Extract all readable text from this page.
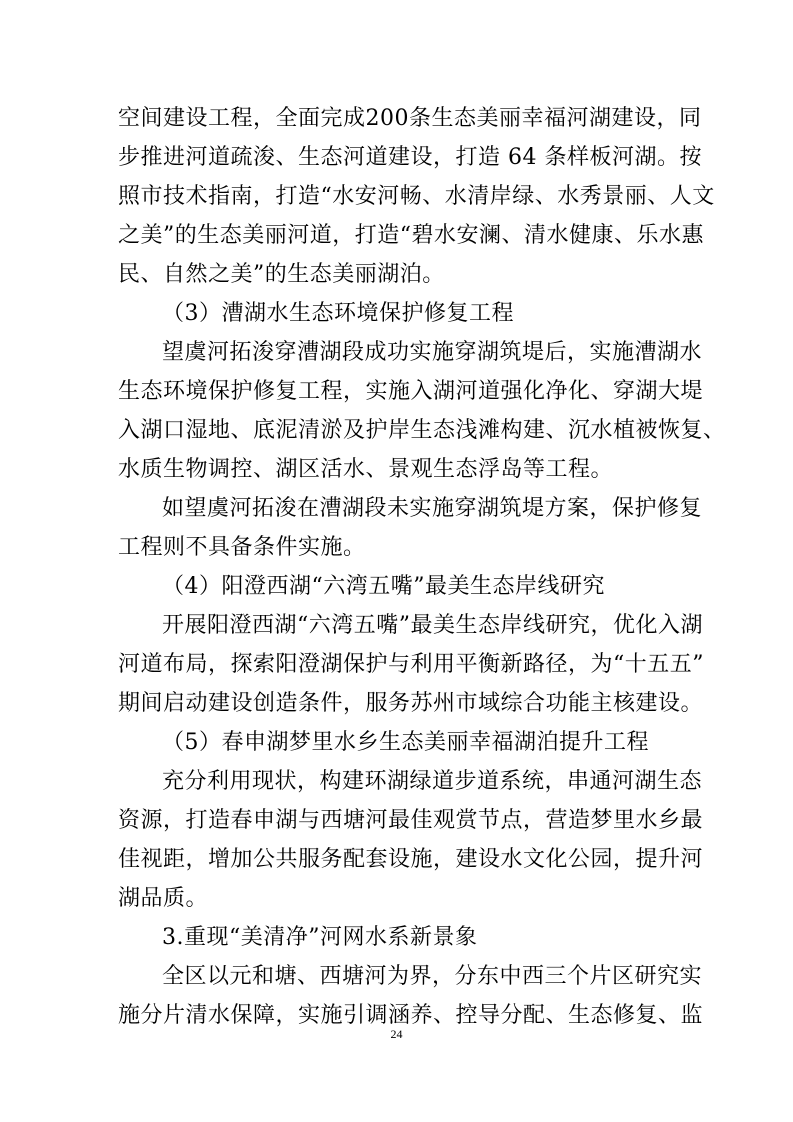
空间建设工程，全面完成200条生态美丽幸福河湖建设，同
步推进河道疏浚、生态河道建设，打造 64 条样板河湖。按
照市技术指南，打造“水安河畅、水清岸绿、水秀景丽、人文
之美”的生态美丽河道，打造“碧水安澜、清水健康、乐水惠
民、自然之美”的生态美丽湖泊。
（3）漕湖水生态环境保护修复工程
望虞河拓浚穿漕湖段成功实施穿湖筑堤后，实施漕湖水
生态环境保护修复工程，实施入湖河道强化净化、穿湖大堤
入湖口湿地、底泥清淤及护岸生态浅滩构建、沉水植被恢复、
水质生物调控、湖区活水、景观生态浮岛等工程。
如望虞河拓浚在漕湖段未实施穿湖筑堤方案，保护修复
工程则不具备条件实施。
（4）阳澄西湖“六湾五嘴”最美生态岸线研究
开展阳澄西湖“六湾五嘴”最美生态岸线研究，优化入湖
河道布局，探索阳澄湖保护与利用平衡新路径，为“十五五”
期间启动建设创造条件，服务苏州市域综合功能主核建设。
（5）春申湖梦里水乡生态美丽幸福湖泊提升工程
充分利用现状，构建环湖绿道步道系统，串通河湖生态
资源，打造春申湖与西塘河最佳观赏节点，营造梦里水乡最
佳视距，增加公共服务配套设施，建设水文化公园，提升河
湖品质。
3.重现“美清净”河网水系新景象
全区以元和塘、西塘河为界，分东中西三个片区研究实
施分片清水保障，实施引调涵养、控导分配、生态修复、监
24
